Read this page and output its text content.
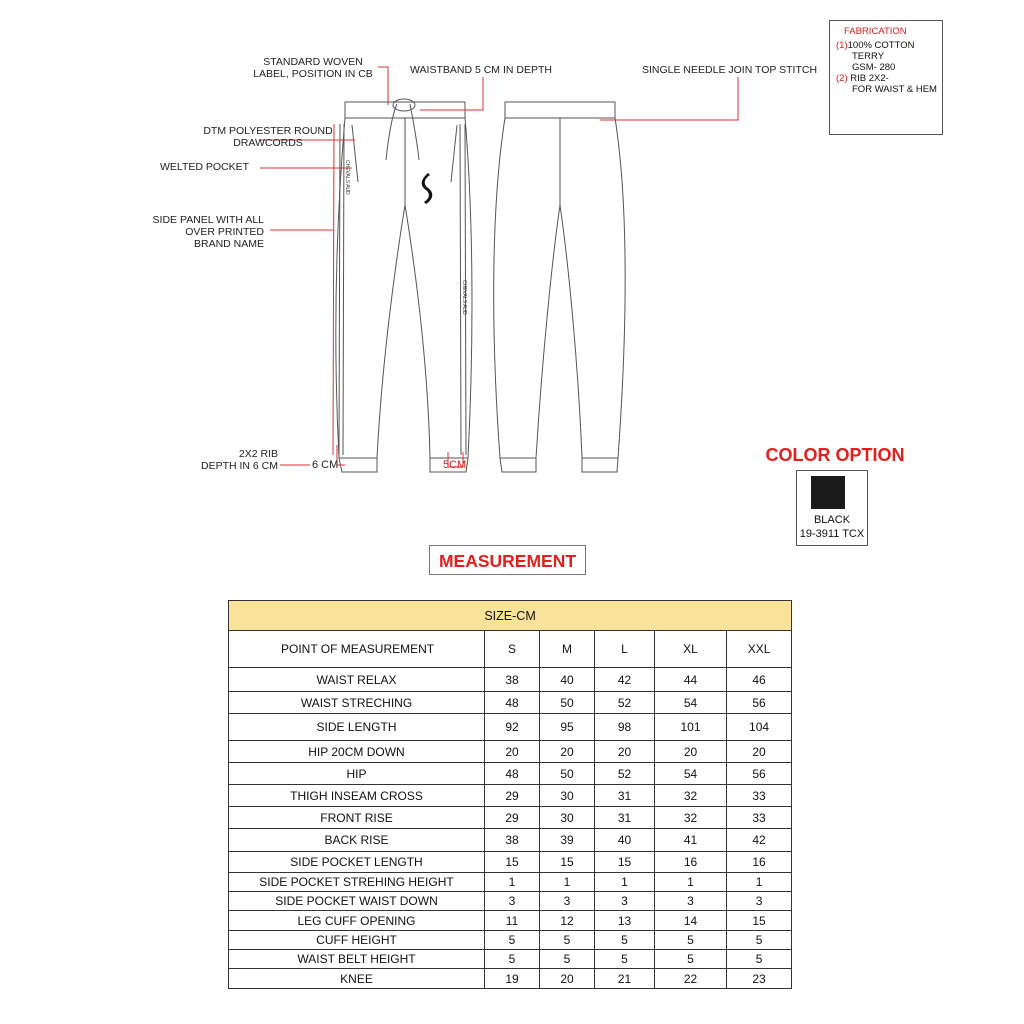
CHEVALS AUD
CHEVALS AUD
STANDARD WOVEN
LABEL, POSITION IN CB	WAISTBAND 5 CM IN DEPTH	SINGLE NEEDLE JOIN TOP STITCH
DTM POLYESTER ROUND
DRAWCORDS
WELTED POCKET
SIDE PANEL WITH ALL
OVER PRINTED
BRAND NAME
2X2 RIB
DEPTH IN 6 CM	6 CM	5CM
FABRICATION
(1)100% COTTON
TERRY
GSM- 280
(2) RIB 2X2-
FOR WAIST & HEM
COLOR OPTION
BLACK
19-3911 TCX
MEASUREMENT
SIZE-CM					
POINT OF MEASUREMENT	S	M	L	XL	XXL
WAIST RELAX	38	40	42	44	46
WAIST STRECHING	48	50	52	54	56
SIDE LENGTH	92	95	98	101	104
HIP 20CM DOWN	20	20	20	20	20
HIP	48	50	52	54	56
THIGH INSEAM CROSS	29	30	31	32	33
FRONT RISE	29	30	31	32	33
BACK RISE	38	39	40	41	42
SIDE POCKET LENGTH	15	15	15	16	16
SIDE POCKET STREHING HEIGHT	1	1	1	1	1
SIDE POCKET WAIST DOWN	3	3	3	3	3
LEG CUFF OPENING	11	12	13	14	15
CUFF HEIGHT	5	5	5	5	5
WAIST BELT HEIGHT	5	5	5	5	5
KNEE	19	20	21	22	23
